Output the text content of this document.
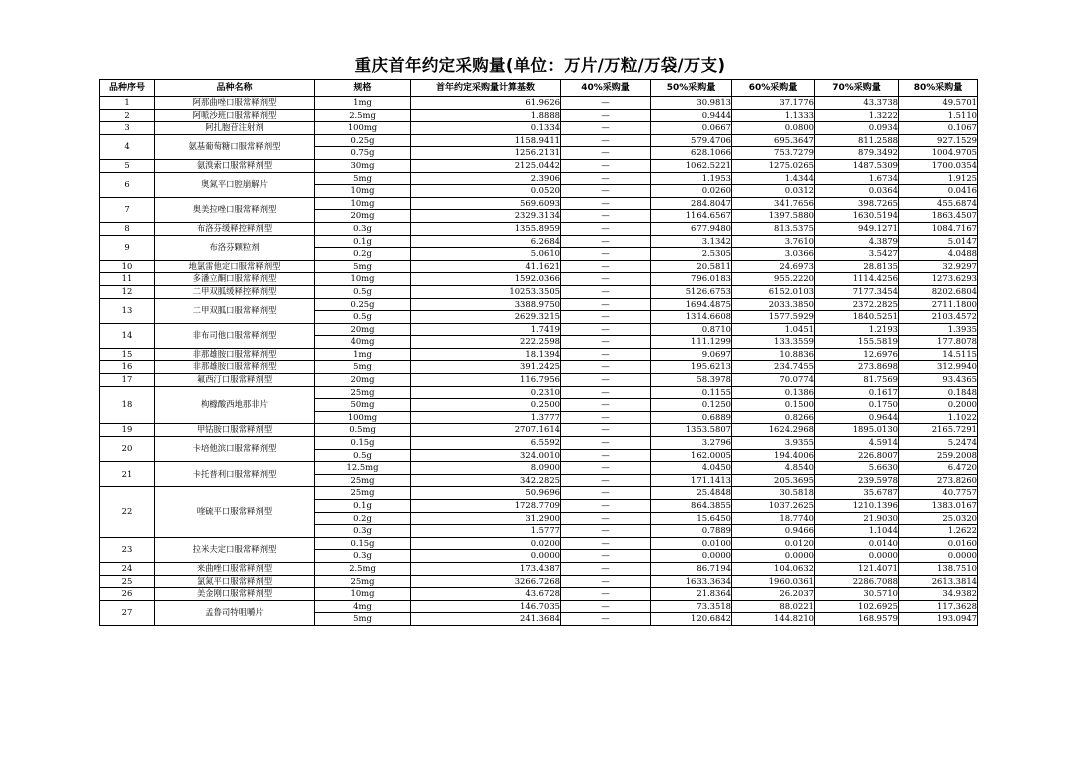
重庆首年约定采购量(单位：万片/万粒/万袋/万支)
品种序号	品种名称	规格	首年约定采购量计算基数	40%采购量	50%采购量	60%采购量	70%采购量	80%采购量
1	阿那曲唑口服常释剂型	1mg	61.9626	—	30.9813	37.1776	43.3738	49.5701
2	阿哌沙班口服常释剂型	2.5mg	1.8888	—	0.9444	1.1333	1.3222	1.5110
3	阿扎胞苷注射剂	100mg	0.1334	—	0.0667	0.0800	0.0934	0.1067
4	氨基葡萄糖口服常释剂型	0.25g	1158.9411	—	579.4706	695.3647	811.2588	927.1529
		0.75g	1256.2131	—	628.1066	753.7279	879.3492	1004.9705
5	氨溴索口服常释剂型	30mg	2125.0442	—	1062.5221	1275.0265	1487.5309	1700.0354
6	奥氮平口腔崩解片	5mg	2.3906	—	1.1953	1.4344	1.6734	1.9125
		10mg	0.0520	—	0.0260	0.0312	0.0364	0.0416
7	奥美拉唑口服常释剂型	10mg	569.6093	—	284.8047	341.7656	398.7265	455.6874
		20mg	2329.3134	—	1164.6567	1397.5880	1630.5194	1863.4507
8	布洛芬缓释控释剂型	0.3g	1355.8959	—	677.9480	813.5375	949.1271	1084.7167
9	布洛芬颗粒剂	0.1g	6.2684	—	3.1342	3.7610	4.3879	5.0147
		0.2g	5.0610	—	2.5305	3.0366	3.5427	4.0488
10	地氯雷他定口服常释剂型	5mg	41.1621	—	20.5811	24.6973	28.8135	32.9297
11	多潘立酮口服常释剂型	10mg	1592.0366	—	796.0183	955.2220	1114.4256	1273.6293
12	二甲双胍缓释控释剂型	0.5g	10253.3505	—	5126.6753	6152.0103	7177.3454	8202.6804
13	二甲双胍口服常释剂型	0.25g	3388.9750	—	1694.4875	2033.3850	2372.2825	2711.1800
		0.5g	2629.3215	—	1314.6608	1577.5929	1840.5251	2103.4572
14	非布司他口服常释剂型	20mg	1.7419	—	0.8710	1.0451	1.2193	1.3935
		40mg	222.2598	—	111.1299	133.3559	155.5819	177.8078
15	非那雄胺口服常释剂型	1mg	18.1394	—	9.0697	10.8836	12.6976	14.5115
16	非那雄胺口服常释剂型	5mg	391.2425	—	195.6213	234.7455	273.8698	312.9940
17	氟西汀口服常释剂型	20mg	116.7956	—	58.3978	70.0774	81.7569	93.4365
18	枸橼酸西地那非片	25mg	0.2310	—	0.1155	0.1386	0.1617	0.1848
		50mg	0.2500	—	0.1250	0.1500	0.1750	0.2000
		100mg	1.3777	—	0.6889	0.8266	0.9644	1.1022
19	甲钴胺口服常释剂型	0.5mg	2707.1614	—	1353.5807	1624.2968	1895.0130	2165.7291
20	卡培他滨口服常释剂型	0.15g	6.5592	—	3.2796	3.9355	4.5914	5.2474
		0.5g	324.0010	—	162.0005	194.4006	226.8007	259.2008
21	卡托普利口服常释剂型	12.5mg	8.0900	—	4.0450	4.8540	5.6630	6.4720
		25mg	342.2825	—	171.1413	205.3695	239.5978	273.8260
22	喹硫平口服常释剂型	25mg	50.9696	—	25.4848	30.5818	35.6787	40.7757
		0.1g	1728.7709	—	864.3855	1037.2625	1210.1396	1383.0167
		0.2g	31.2900	—	15.6450	18.7740	21.9030	25.0320
		0.3g	1.5777	—	0.7889	0.9466	1.1044	1.2622
23	拉米夫定口服常释剂型	0.15g	0.0200	—	0.0100	0.0120	0.0140	0.0160
		0.3g	0.0000	—	0.0000	0.0000	0.0000	0.0000
24	来曲唑口服常释剂型	2.5mg	173.4387	—	86.7194	104.0632	121.4071	138.7510
25	氯氮平口服常释剂型	25mg	3266.7268	—	1633.3634	1960.0361	2286.7088	2613.3814
26	美金刚口服常释剂型	10mg	43.6728	—	21.8364	26.2037	30.5710	34.9382
27	孟鲁司特咀嚼片	4mg	146.7035	—	73.3518	88.0221	102.6925	117.3628
		5mg	241.3684	—	120.6842	144.8210	168.9579	193.0947
